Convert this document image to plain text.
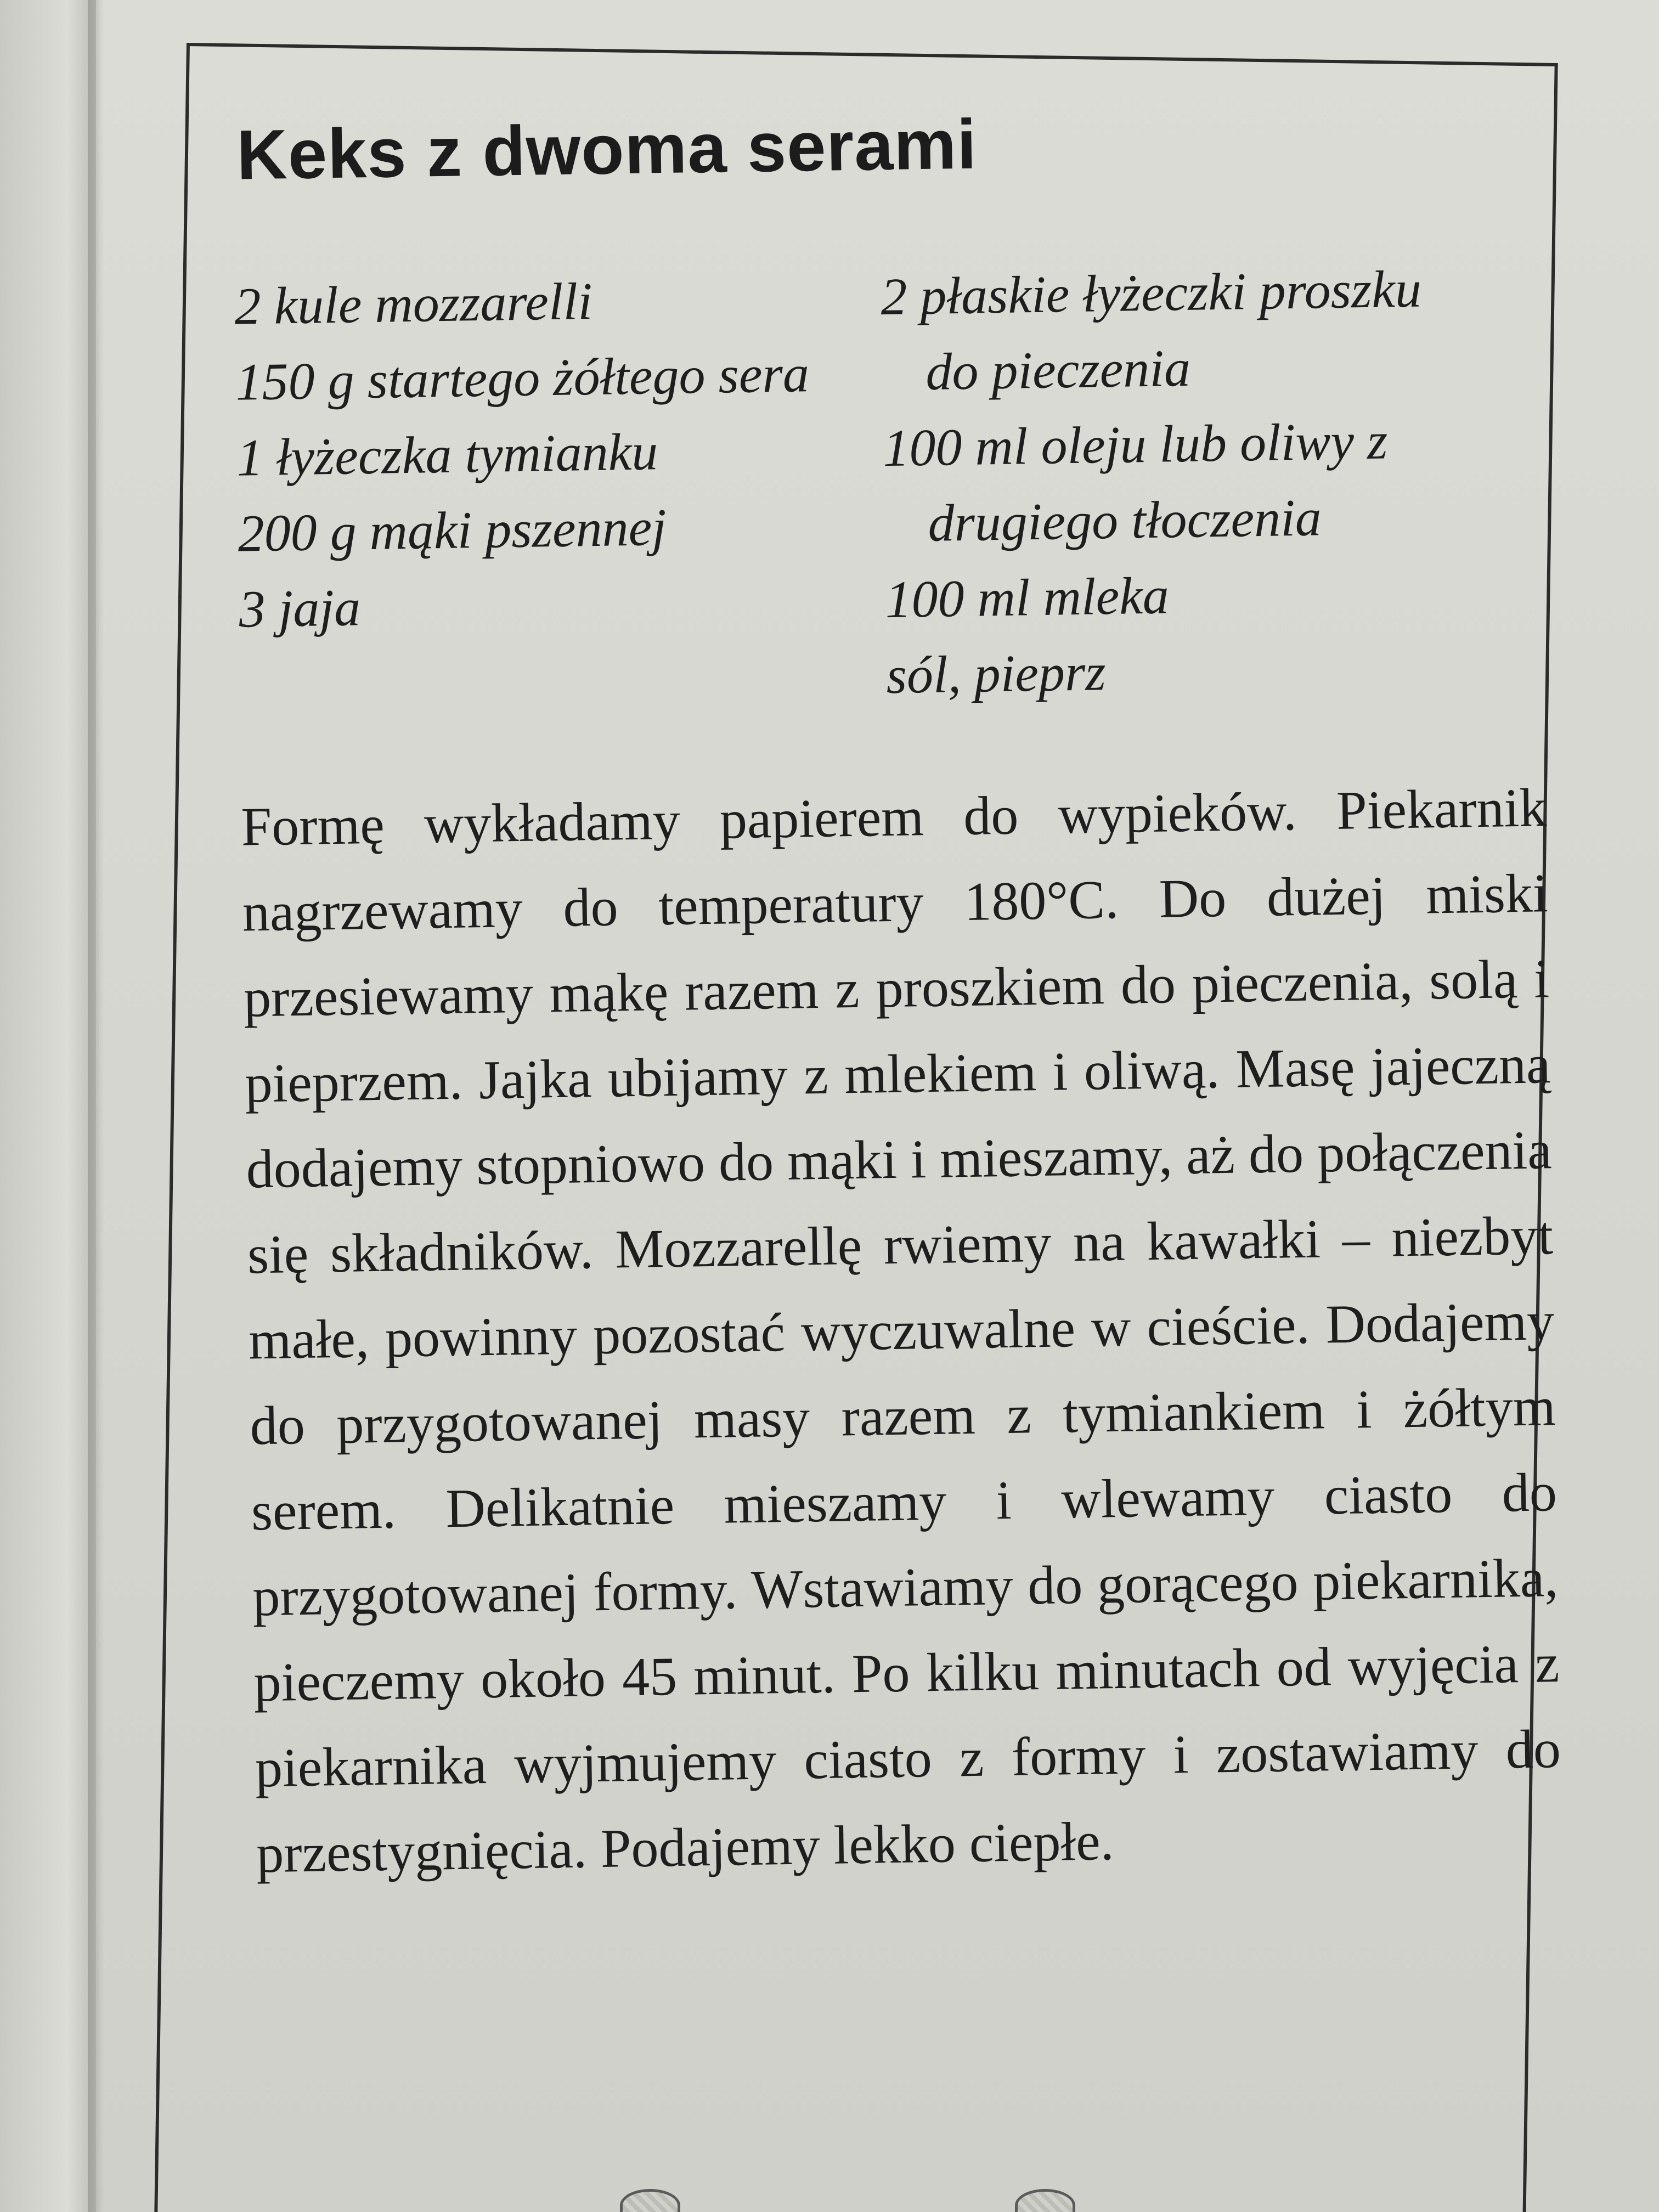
Keks z dwoma serami

2 kule mozzarelli

150 g startego żółtego sera

1 łyżeczka tymianku

200 g mąki pszennej

3 jaja

2 płaskie łyżeczki proszku do pieczenia

100 ml oleju lub oliwy z drugiego tłoczenia

100 ml mleka

sól, pieprz

Formę wykładamy papierem do wypieków. Piekarnik nagrzewamy do temperatury 180°C. Do dużej miski przesiewamy mąkę razem z proszkiem do pieczenia, solą i pieprzem. Jajka ubijamy z mlekiem i oliwą. Masę jajeczną dodajemy stopniowo do mąki i mieszamy, aż do połączenia się składników. Mozzarellę rwiemy na kawałki – niezbyt małe, powinny pozostać wyczuwalne w cieście. Dodajemy do przygotowanej masy razem z tymiankiem i żółtym serem. Delikatnie mieszamy i wlewamy ciasto do przygotowanej formy. Wstawiamy do gorącego piekarnika, pieczemy około 45 minut. Po kilku minutach od wyjęcia z piekarnika wyjmujemy ciasto z formy i zostawiamy do przestygnięcia. Podajemy lekko ciepłe.
